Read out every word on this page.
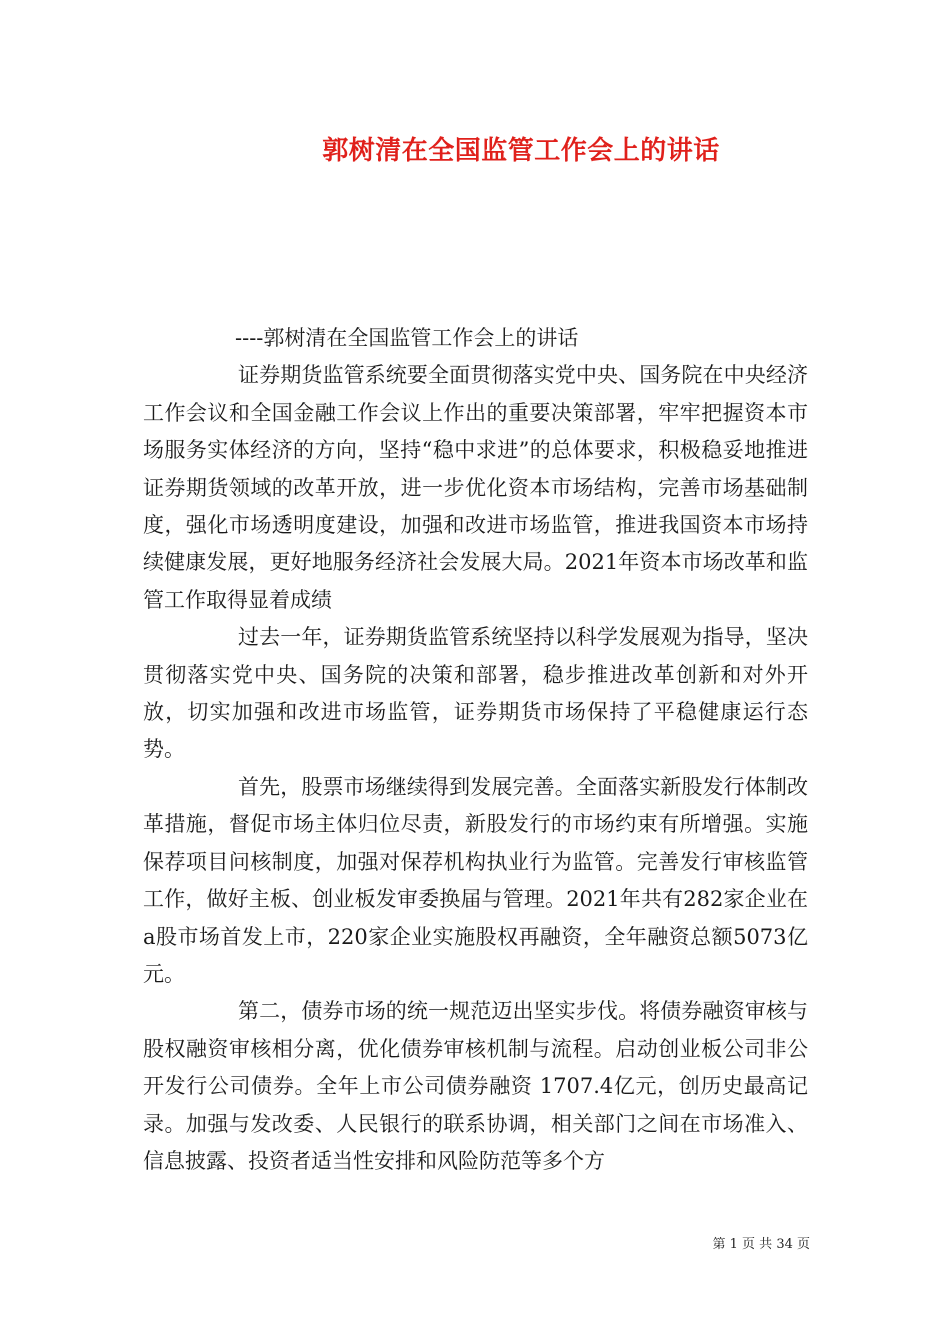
郭树清在全国监管工作会上的讲话

----郭树清在全国监管工作会上的讲话

证券期货监管系统要全面贯彻落实党中央、国务院在中央经济工作会议和全国金融工作会议上作出的重要决策部署，牢牢把握资本市场服务实体经济的方向，坚持“稳中求进”的总体要求，积极稳妥地推进证券期货领域的改革开放，进一步优化资本市场结构，完善市场基础制度，强化市场透明度建设，加强和改进市场监管，推进我国资本市场持续健康发展，更好地服务经济社会发展大局。2021年资本市场改革和监管工作取得显着成绩

过去一年，证券期货监管系统坚持以科学发展观为指导，坚决贯彻落实党中央、国务院的决策和部署，稳步推进改革创新和对外开放，切实加强和改进市场监管，证券期货市场保持了平稳健康运行态势。

首先，股票市场继续得到发展完善。全面落实新股发行体制改革措施，督促市场主体归位尽责，新股发行的市场约束有所增强。实施保荐项目问核制度，加强对保荐机构执业行为监管。完善发行审核监管工作，做好主板、创业板发审委换届与管理。2021年共有282家企业在a股市场首发上市，220家企业实施股权再融资，全年融资总额5073亿元。

第二，债券市场的统一规范迈出坚实步伐。将债券融资审核与股权融资审核相分离，优化债券审核机制与流程。启动创业板公司非公开发行公司债券。全年上市公司债券融资 1707.4亿元，创历史最高记录。加强与发改委、人民银行的联系协调，相关部门之间在市场准入、信息披露、投资者适当性安排和风险防范等多个方

第 1 页 共 34 页
